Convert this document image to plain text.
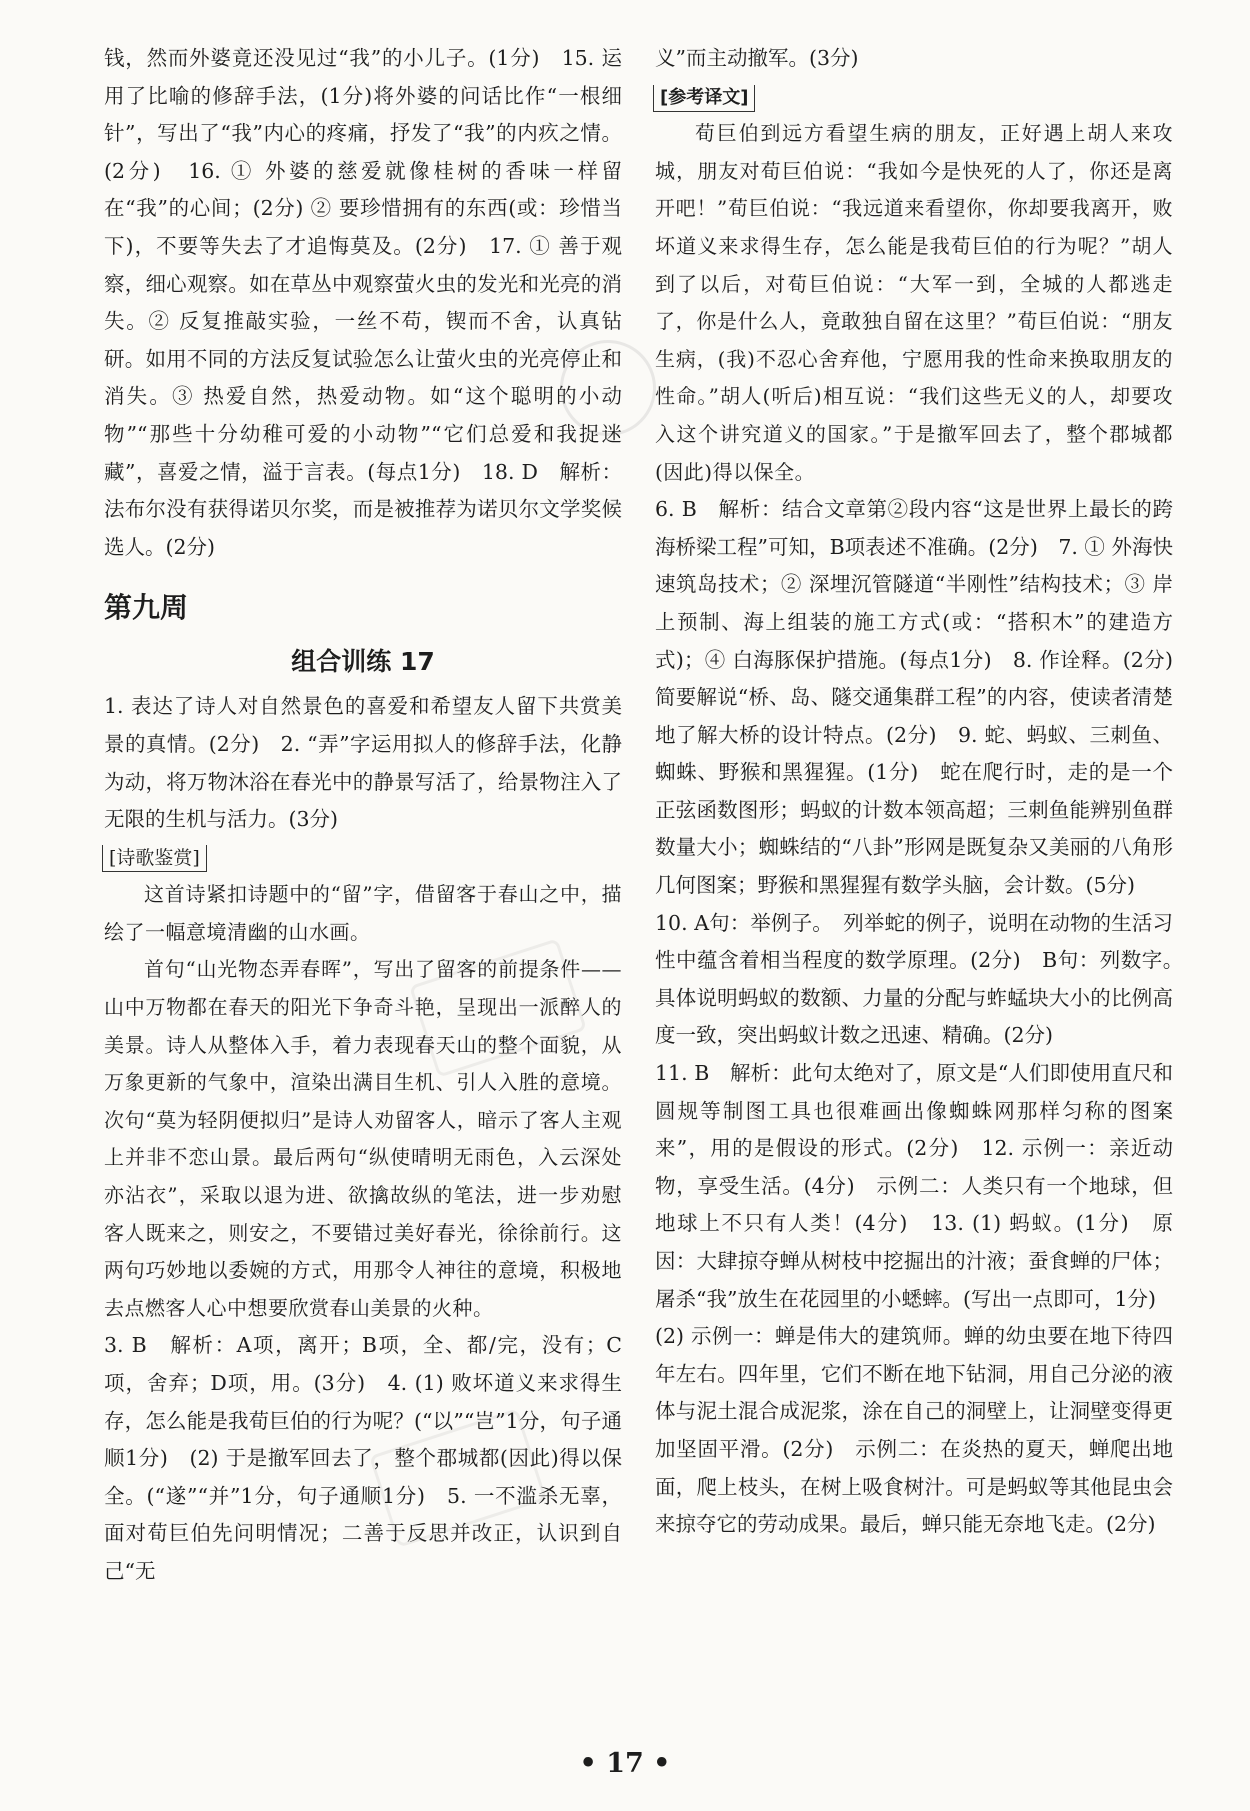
钱，然而外婆竟还没见过“我”的小儿子。(1分)　15. 运用了比喻的修辞手法，(1分)将外婆的问话比作“一根细针”，写出了“我”内心的疼痛，抒发了“我”的内疚之情。(2分)　16. ① 外婆的慈爱就像桂树的香味一样留在“我”的心间；(2分) ② 要珍惜拥有的东西(或：珍惜当下)，不要等失去了才追悔莫及。(2分)　17. ① 善于观察，细心观察。如在草丛中观察萤火虫的发光和光亮的消失。② 反复推敲实验，一丝不苟，锲而不舍，认真钻研。如用不同的方法反复试验怎么让萤火虫的光亮停止和消失。③ 热爱自然，热爱动物。如“这个聪明的小动物”“那些十分幼稚可爱的小动物”“它们总爱和我捉迷藏”，喜爱之情，溢于言表。(每点1分)　18. D　解析：法布尔没有获得诺贝尔奖，而是被推荐为诺贝尔文学奖候选人。(2分)

第九周
组合训练 17

1. 表达了诗人对自然景色的喜爱和希望友人留下共赏美景的真情。(2分)　2. “弄”字运用拟人的修辞手法，化静为动，将万物沐浴在春光中的静景写活了，给景物注入了无限的生机与活力。(3分)

[诗歌鉴赏]

这首诗紧扣诗题中的“留”字，借留客于春山之中，描绘了一幅意境清幽的山水画。

首句“山光物态弄春晖”，写出了留客的前提条件——山中万物都在春天的阳光下争奇斗艳，呈现出一派醉人的美景。诗人从整体入手，着力表现春天山的整个面貌，从万象更新的气象中，渲染出满目生机、引人入胜的意境。次句“莫为轻阴便拟归”是诗人劝留客人，暗示了客人主观上并非不恋山景。最后两句“纵使晴明无雨色，入云深处亦沾衣”，采取以退为进、欲擒故纵的笔法，进一步劝慰客人既来之，则安之，不要错过美好春光，徐徐前行。这两句巧妙地以委婉的方式，用那令人神往的意境，积极地去点燃客人心中想要欣赏春山美景的火种。

3. B　解析：A项，离开；B项，全、都/完，没有；C项，舍弃；D项，用。(3分)　4. (1) 败坏道义来求得生存，怎么能是我荀巨伯的行为呢？(“以”“岂”1分，句子通顺1分)　(2) 于是撤军回去了，整个郡城都(因此)得以保全。(“遂”“并”1分，句子通顺1分)　5. 一不滥杀无辜，面对荀巨伯先问明情况；二善于反思并改正，认识到自己“无

义”而主动撤军。(3分)

[参考译文]

荀巨伯到远方看望生病的朋友，正好遇上胡人来攻城，朋友对荀巨伯说：“我如今是快死的人了，你还是离开吧！”荀巨伯说：“我远道来看望你，你却要我离开，败坏道义来求得生存，怎么能是我荀巨伯的行为呢？”胡人到了以后，对荀巨伯说：“大军一到，全城的人都逃走了，你是什么人，竟敢独自留在这里？”荀巨伯说：“朋友生病，(我)不忍心舍弃他，宁愿用我的性命来换取朋友的性命。”胡人(听后)相互说：“我们这些无义的人，却要攻入这个讲究道义的国家。”于是撤军回去了，整个郡城都(因此)得以保全。

6. B　解析：结合文章第②段内容“这是世界上最长的跨海桥梁工程”可知，B项表述不准确。(2分)　7. ① 外海快速筑岛技术；② 深埋沉管隧道“半刚性”结构技术；③ 岸上预制、海上组装的施工方式(或：“搭积木”的建造方式)；④ 白海豚保护措施。(每点1分)　8. 作诠释。(2分)　简要解说“桥、岛、隧交通集群工程”的内容，使读者清楚地了解大桥的设计特点。(2分)　9. 蛇、蚂蚁、三刺鱼、蜘蛛、野猴和黑猩猩。(1分)　蛇在爬行时，走的是一个正弦函数图形；蚂蚁的计数本领高超；三刺鱼能辨别鱼群数量大小；蜘蛛结的“八卦”形网是既复杂又美丽的八角形几何图案；野猴和黑猩猩有数学头脑，会计数。(5分)

10. A句：举例子。　列举蛇的例子，说明在动物的生活习性中蕴含着相当程度的数学原理。(2分)　B句：列数字。　具体说明蚂蚁的数额、力量的分配与蚱蜢块大小的比例高度一致，突出蚂蚁计数之迅速、精确。(2分)

11. B　解析：此句太绝对了，原文是“人们即使用直尺和圆规等制图工具也很难画出像蜘蛛网那样匀称的图案来”，用的是假设的形式。(2分)　12. 示例一：亲近动物，享受生活。(4分)　示例二：人类只有一个地球，但地球上不只有人类！(4分)　13. (1) 蚂蚁。(1分)　原因：大肆掠夺蝉从树枝中挖掘出的汁液；蚕食蝉的尸体；屠杀“我”放生在花园里的小蟋蟀。(写出一点即可，1分)

(2) 示例一：蝉是伟大的建筑师。蝉的幼虫要在地下待四年左右。四年里，它们不断在地下钻洞，用自己分泌的液体与泥土混合成泥浆，涂在自己的洞壁上，让洞壁变得更加坚固平滑。(2分)　示例二：在炎热的夏天，蝉爬出地面，爬上枝头，在树上吸食树汁。可是蚂蚁等其他昆虫会来掠夺它的劳动成果。最后，蝉只能无奈地飞走。(2分)

• 17 •
